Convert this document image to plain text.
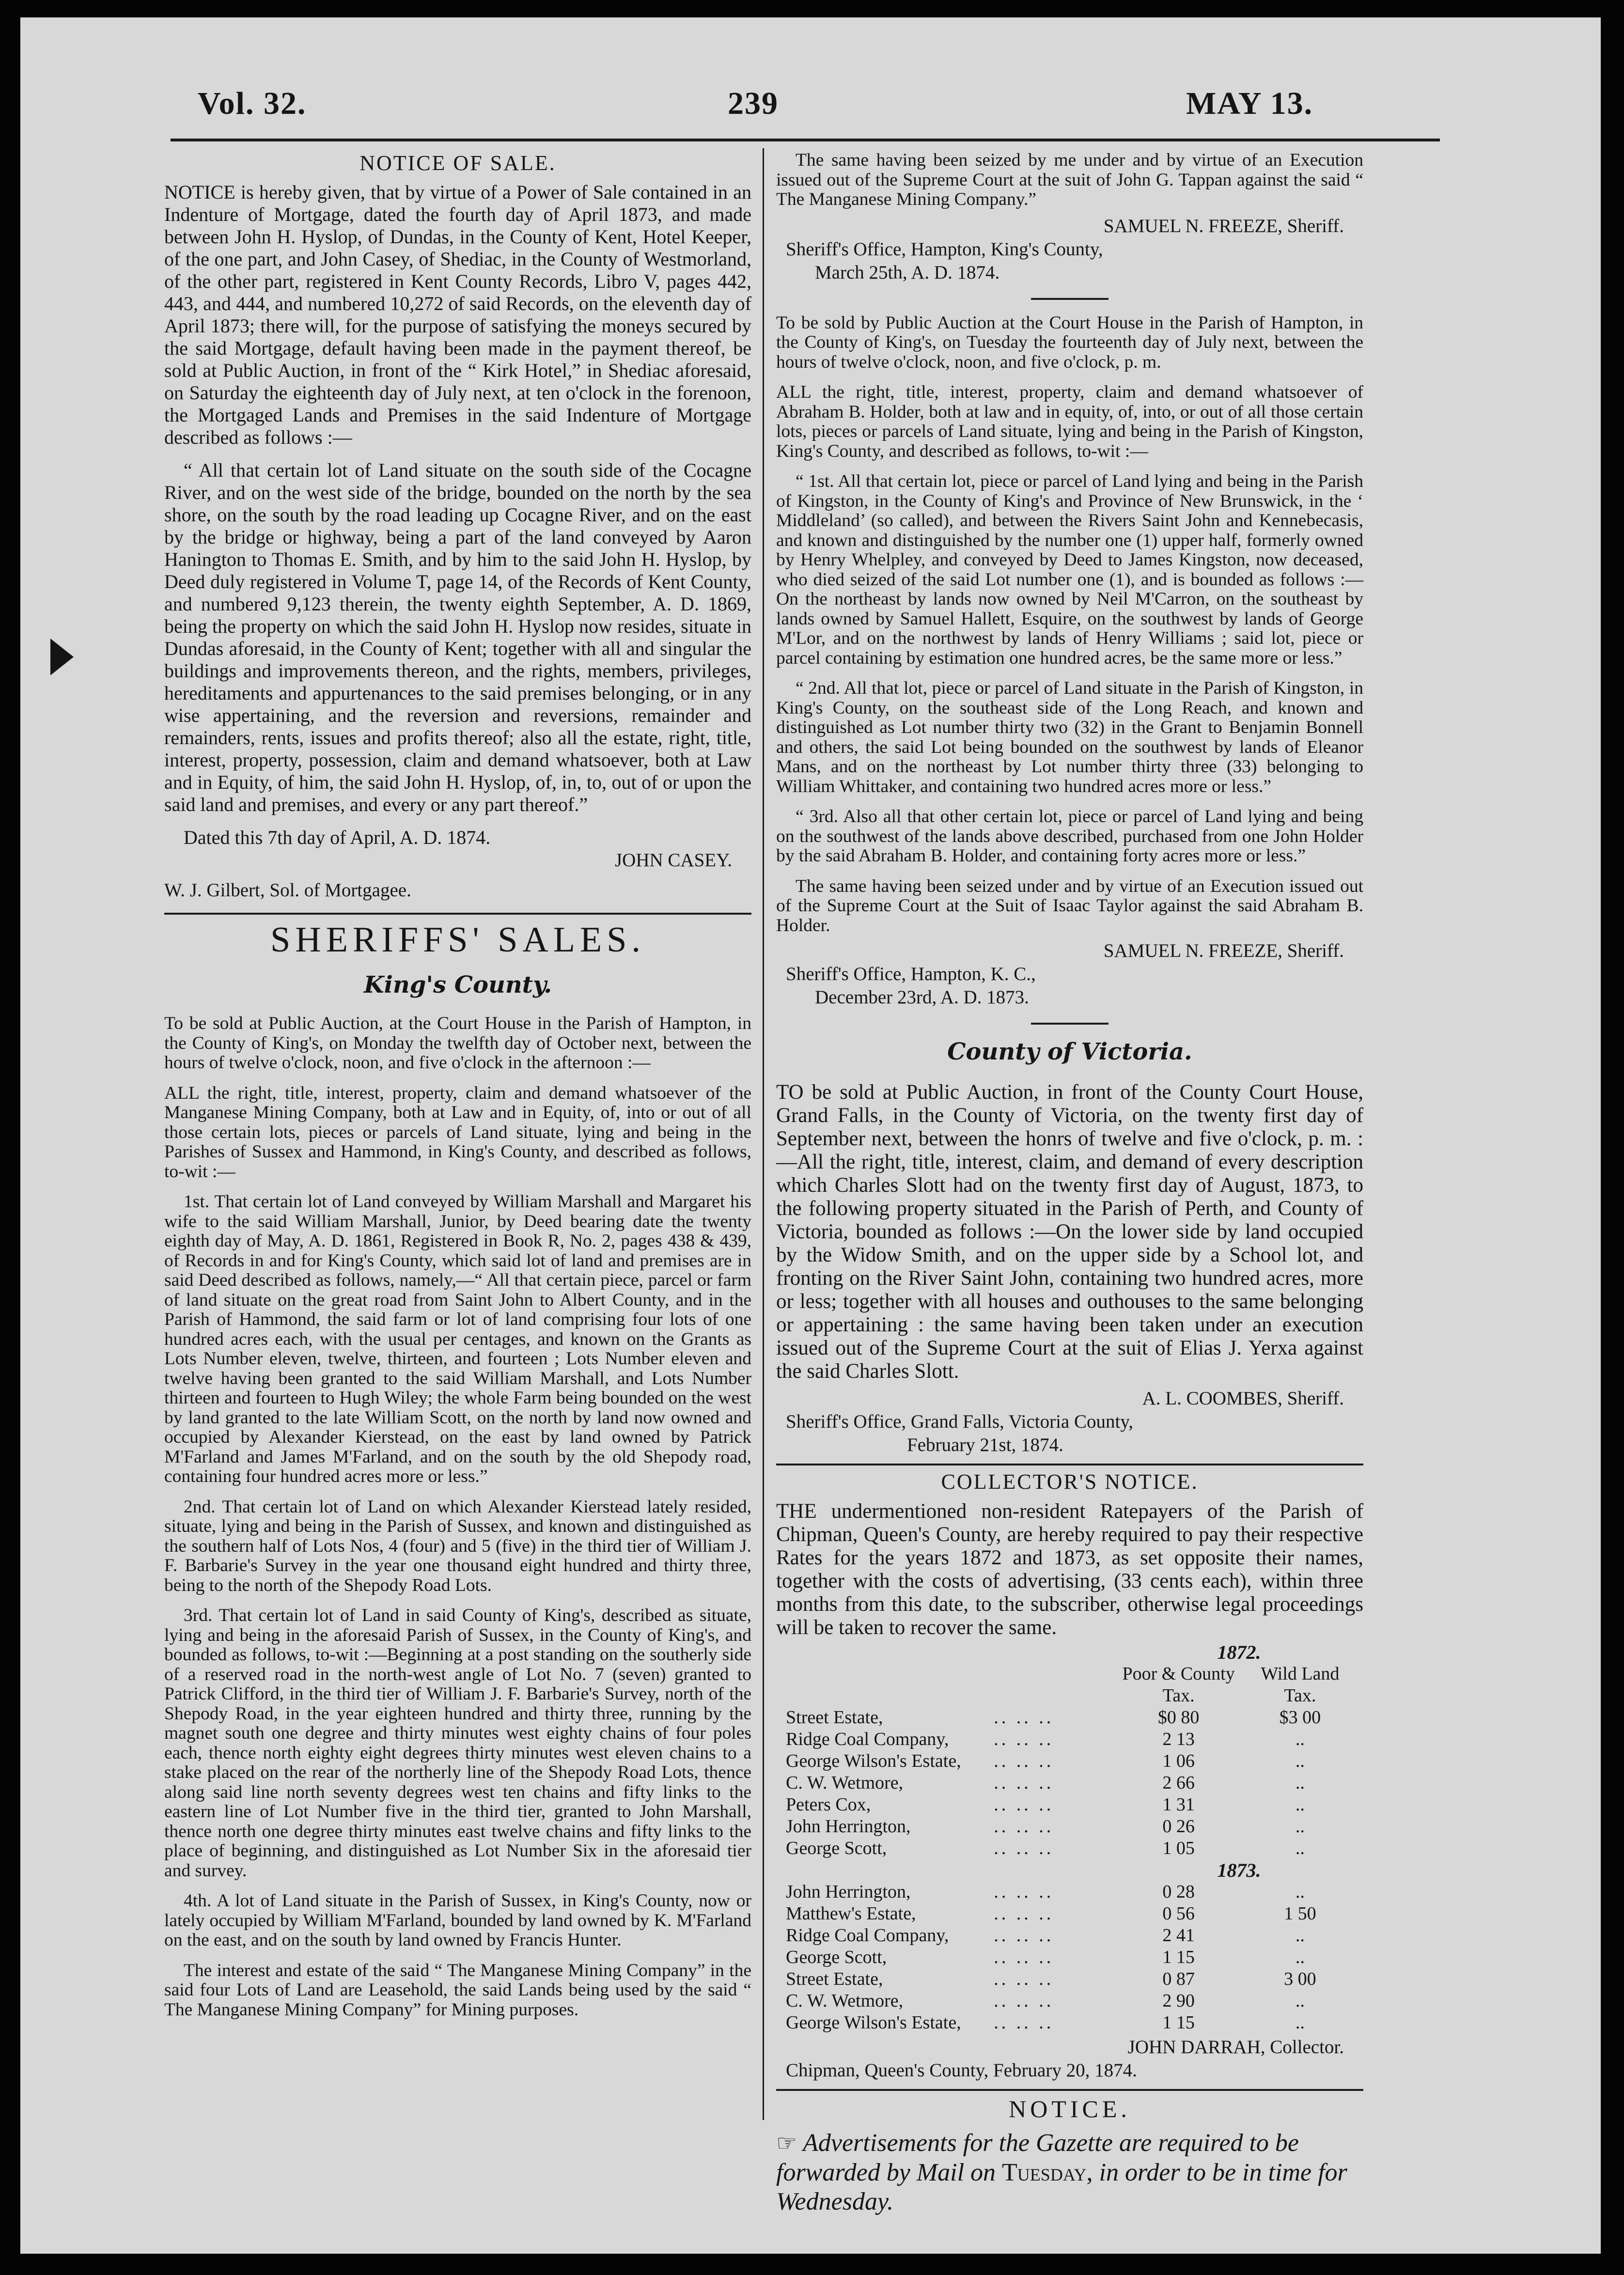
Vol. 32.	239	MAY 13.
NOTICE OF SALE.

NOTICE is hereby given, that by virtue of a Power of Sale contained in an Indenture of Mortgage, dated the fourth day of April 1873, and made between John H. Hyslop, of Dundas, in the County of Kent, Hotel Keeper, of the one part, and John Casey, of Shediac, in the County of Westmorland, of the other part, registered in Kent County Records, Libro V, pages 442, 443, and 444, and numbered 10,272 of said Records, on the eleventh day of April 1873; there will, for the purpose of satisfying the moneys secured by the said Mortgage, default having been made in the payment thereof, be sold at Public Auction, in front of the “ Kirk Hotel,” in Shediac aforesaid, on Saturday the eighteenth day of July next, at ten o'clock in the forenoon, the Mortgaged Lands and Premises in the said Indenture of Mortgage described as follows :—

“ All that certain lot of Land situate on the south side of the Cocagne River, and on the west side of the bridge, bounded on the north by the sea shore, on the south by the road leading up Cocagne River, and on the east by the bridge or highway, being a part of the land conveyed by Aaron Hanington to Thomas E. Smith, and by him to the said John H. Hyslop, by Deed duly registered in Volume T, page 14, of the Records of Kent County, and numbered 9,123 therein, the twenty eighth September, A. D. 1869, being the property on which the said John H. Hyslop now resides, situate in Dundas aforesaid, in the County of Kent; together with all and singular the buildings and improvements thereon, and the rights, members, privileges, hereditaments and appurtenances to the said premises belonging, or in any wise appertaining, and the reversion and reversions, remainder and remainders, rents, issues and profits thereof; also all the estate, right, title, interest, property, possession, claim and demand whatsoever, both at Law and in Equity, of him, the said John H. Hyslop, of, in, to, out of or upon the said land and premises, and every or any part thereof.”

Dated this 7th day of April, A. D. 1874.

JOHN CASEY.
W. J. Gilbert, Sol. of Mortgagee.
SHERIFFS' SALES.
King's County.

To be sold at Public Auction, at the Court House in the Parish of Hampton, in the County of King's, on Monday the twelfth day of October next, between the hours of twelve o'clock, noon, and five o'clock in the afternoon :—

ALL the right, title, interest, property, claim and demand whatsoever of the Manganese Mining Company, both at Law and in Equity, of, into or out of all those certain lots, pieces or parcels of Land situate, lying and being in the Parishes of Sussex and Hammond, in King's County, and described as follows, to-wit :—

1st. That certain lot of Land conveyed by William Marshall and Margaret his wife to the said William Marshall, Junior, by Deed bearing date the twenty eighth day of May, A. D. 1861, Registered in Book R, No. 2, pages 438 & 439, of Records in and for King's County, which said lot of land and premises are in said Deed described as follows, namely,—“ All that certain piece, parcel or farm of land situate on the great road from Saint John to Albert County, and in the Parish of Hammond, the said farm or lot of land comprising four lots of one hundred acres each, with the usual per centages, and known on the Grants as Lots Number eleven, twelve, thirteen, and fourteen ; Lots Number eleven and twelve having been granted to the said William Marshall, and Lots Number thirteen and fourteen to Hugh Wiley; the whole Farm being bounded on the west by land granted to the late William Scott, on the north by land now owned and occupied by Alexander Kierstead, on the east by land owned by Patrick M'Farland and James M'Farland, and on the south by the old Shepody road, containing four hundred acres more or less.”

2nd. That certain lot of Land on which Alexander Kierstead lately resided, situate, lying and being in the Parish of Sussex, and known and distinguished as the southern half of Lots Nos, 4 (four) and 5 (five) in the third tier of William J. F. Barbarie's Survey in the year one thousand eight hundred and thirty three, being to the north of the Shepody Road Lots.

3rd. That certain lot of Land in said County of King's, described as situate, lying and being in the aforesaid Parish of Sussex, in the County of King's, and bounded as follows, to-wit :—Beginning at a post standing on the southerly side of a reserved road in the north-west angle of Lot No. 7 (seven) granted to Patrick Clifford, in the third tier of William J. F. Barbarie's Survey, north of the Shepody Road, in the year eighteen hundred and thirty three, running by the magnet south one degree and thirty minutes west eighty chains of four poles each, thence north eighty eight degrees thirty minutes west eleven chains to a stake placed on the rear of the northerly line of the Shepody Road Lots, thence along said line north seventy degrees west ten chains and fifty links to the eastern line of Lot Number five in the third tier, granted to John Marshall, thence north one degree thirty minutes east twelve chains and fifty links to the place of beginning, and distinguished as Lot Number Six in the aforesaid tier and survey.

4th. A lot of Land situate in the Parish of Sussex, in King's County, now or lately occupied by William M'Farland, bounded by land owned by K. M'Farland on the east, and on the south by land owned by Francis Hunter.

The interest and estate of the said “ The Manganese Mining Company” in the said four Lots of Land are Leasehold, the said Lands being used by the said “ The Manganese Mining Company” for Mining purposes.

The same having been seized by me under and by virtue of an Execution issued out of the Supreme Court at the suit of John G. Tappan against the said “ The Manganese Mining Company.”

SAMUEL N. FREEZE, Sheriff.
Sheriff's Office, Hampton, King's County,
March 25th, A. D. 1874.

To be sold by Public Auction at the Court House in the Parish of Hampton, in the County of King's, on Tuesday the fourteenth day of July next, between the hours of twelve o'clock, noon, and five o'clock, p. m.

ALL the right, title, interest, property, claim and demand whatsoever of Abraham B. Holder, both at law and in equity, of, into, or out of all those certain lots, pieces or parcels of Land situate, lying and being in the Parish of Kingston, King's County, and described as follows, to-wit :—

“ 1st. All that certain lot, piece or parcel of Land lying and being in the Parish of Kingston, in the County of King's and Province of New Brunswick, in the ‘ Middleland’ (so called), and between the Rivers Saint John and Kennebecasis, and known and distinguished by the number one (1) upper half, formerly owned by Henry Whelpley, and conveyed by Deed to James Kingston, now deceased, who died seized of the said Lot number one (1), and is bounded as follows :—On the northeast by lands now owned by Neil M'Carron, on the southeast by lands owned by Samuel Hallett, Esquire, on the southwest by lands of George M'Lor, and on the northwest by lands of Henry Williams ; said lot, piece or parcel containing by estimation one hundred acres, be the same more or less.”

“ 2nd. All that lot, piece or parcel of Land situate in the Parish of Kingston, in King's County, on the southeast side of the Long Reach, and known and distinguished as Lot number thirty two (32) in the Grant to Benjamin Bonnell and others, the said Lot being bounded on the southwest by lands of Eleanor Mans, and on the northeast by Lot number thirty three (33) belonging to William Whittaker, and containing two hundred acres more or less.”

“ 3rd. Also all that other certain lot, piece or parcel of Land lying and being on the southwest of the lands above described, purchased from one John Holder by the said Abraham B. Holder, and containing forty acres more or less.”

The same having been seized under and by virtue of an Execution issued out of the Supreme Court at the Suit of Isaac Taylor against the said Abraham B. Holder.

SAMUEL N. FREEZE, Sheriff.
Sheriff's Office, Hampton, K. C.,
December 23rd, A. D. 1873.
County of Victoria.

TO be sold at Public Auction, in front of the County Court House, Grand Falls, in the County of Victoria, on the twenty first day of September next, between the honrs of twelve and five o'clock, p. m. :—All the right, title, interest, claim, and demand of every description which Charles Slott had on the twenty first day of August, 1873, to the following property situated in the Parish of Perth, and County of Victoria, bounded as follows :—On the lower side by land occupied by the Widow Smith, and on the upper side by a School lot, and fronting on the River Saint John, containing two hundred acres, more or less; together with all houses and outhouses to the same belonging or appertaining : the same having been taken under an execution issued out of the Supreme Court at the suit of Elias J. Yerxa against the said Charles Slott.

A. L. COOMBES, Sheriff.
Sheriff's Office, Grand Falls, Victoria County,
February 21st, 1874.
COLLECTOR'S NOTICE.

THE undermentioned non-resident Ratepayers of the Parish of Chipman, Queen's County, are hereby required to pay their respective Rates for the years 1872 and 1873, as set opposite their names, together with the costs of advertising, (33 cents each), within three months from this date, to the subscriber, otherwise legal proceedings will be taken to recover the same.

		1872.	
		Poor & County	Wild Land
		Tax.	Tax.
Street Estate,	.. .. ..	$0 80	$3 00
Ridge Coal Company,	.. .. ..	2 13	..
George Wilson's Estate,	.. .. ..	1 06	..
C. W. Wetmore,	.. .. ..	2 66	..
Peters Cox,	.. .. ..	1 31	..
John Herrington,	.. .. ..	0 26	..
George Scott,	.. .. ..	1 05	..
		1873.	
John Herrington,	.. .. ..	0 28	..
Matthew's Estate,	.. .. ..	0 56	1 50
Ridge Coal Company,	.. .. ..	2 41	..
George Scott,	.. .. ..	1 15	..
Street Estate,	.. .. ..	0 87	3 00
C. W. Wetmore,	.. .. ..	2 90	..
George Wilson's Estate,	.. .. ..	1 15	..
JOHN DARRAH, Collector.
Chipman, Queen's County, February 20, 1874.
NOTICE.
☞ Advertisements for the Gazette are required to be forwarded by Mail on Tuesday, in order to be in time for Wednesday.
